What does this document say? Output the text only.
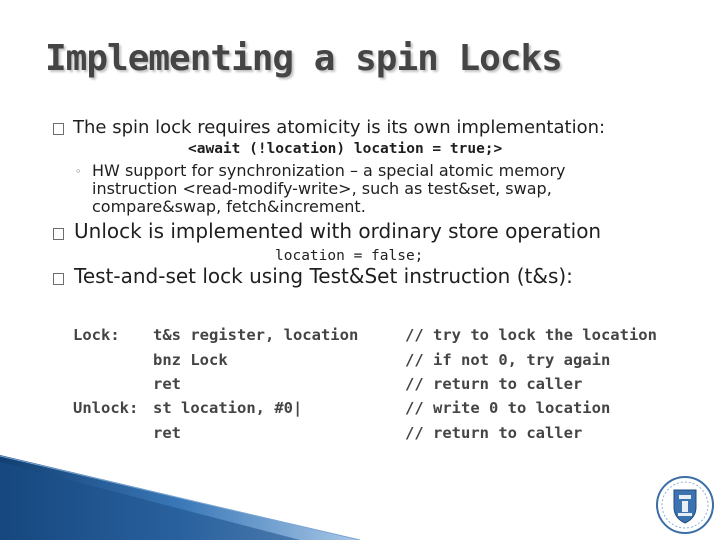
Implementing a spin Locks
The spin lock requires atomicity is its own implementation:
<await (!location) location = true;>
◦ HW support for synchronization – a special atomic memory
instruction <read-modify-write>, such as test&set, swap,
compare&swap, fetch&increment.
Unlock is implemented with ordinary store operation
location = false;
Test-and-set lock using Test&Set instruction (t&s):
Lock: t&s register, location	// try to lock the location
bnz Lock	// if not 0, try again
ret	// return to caller
Unlock: st location, #0|	// write 0 to location
ret	// return to caller
